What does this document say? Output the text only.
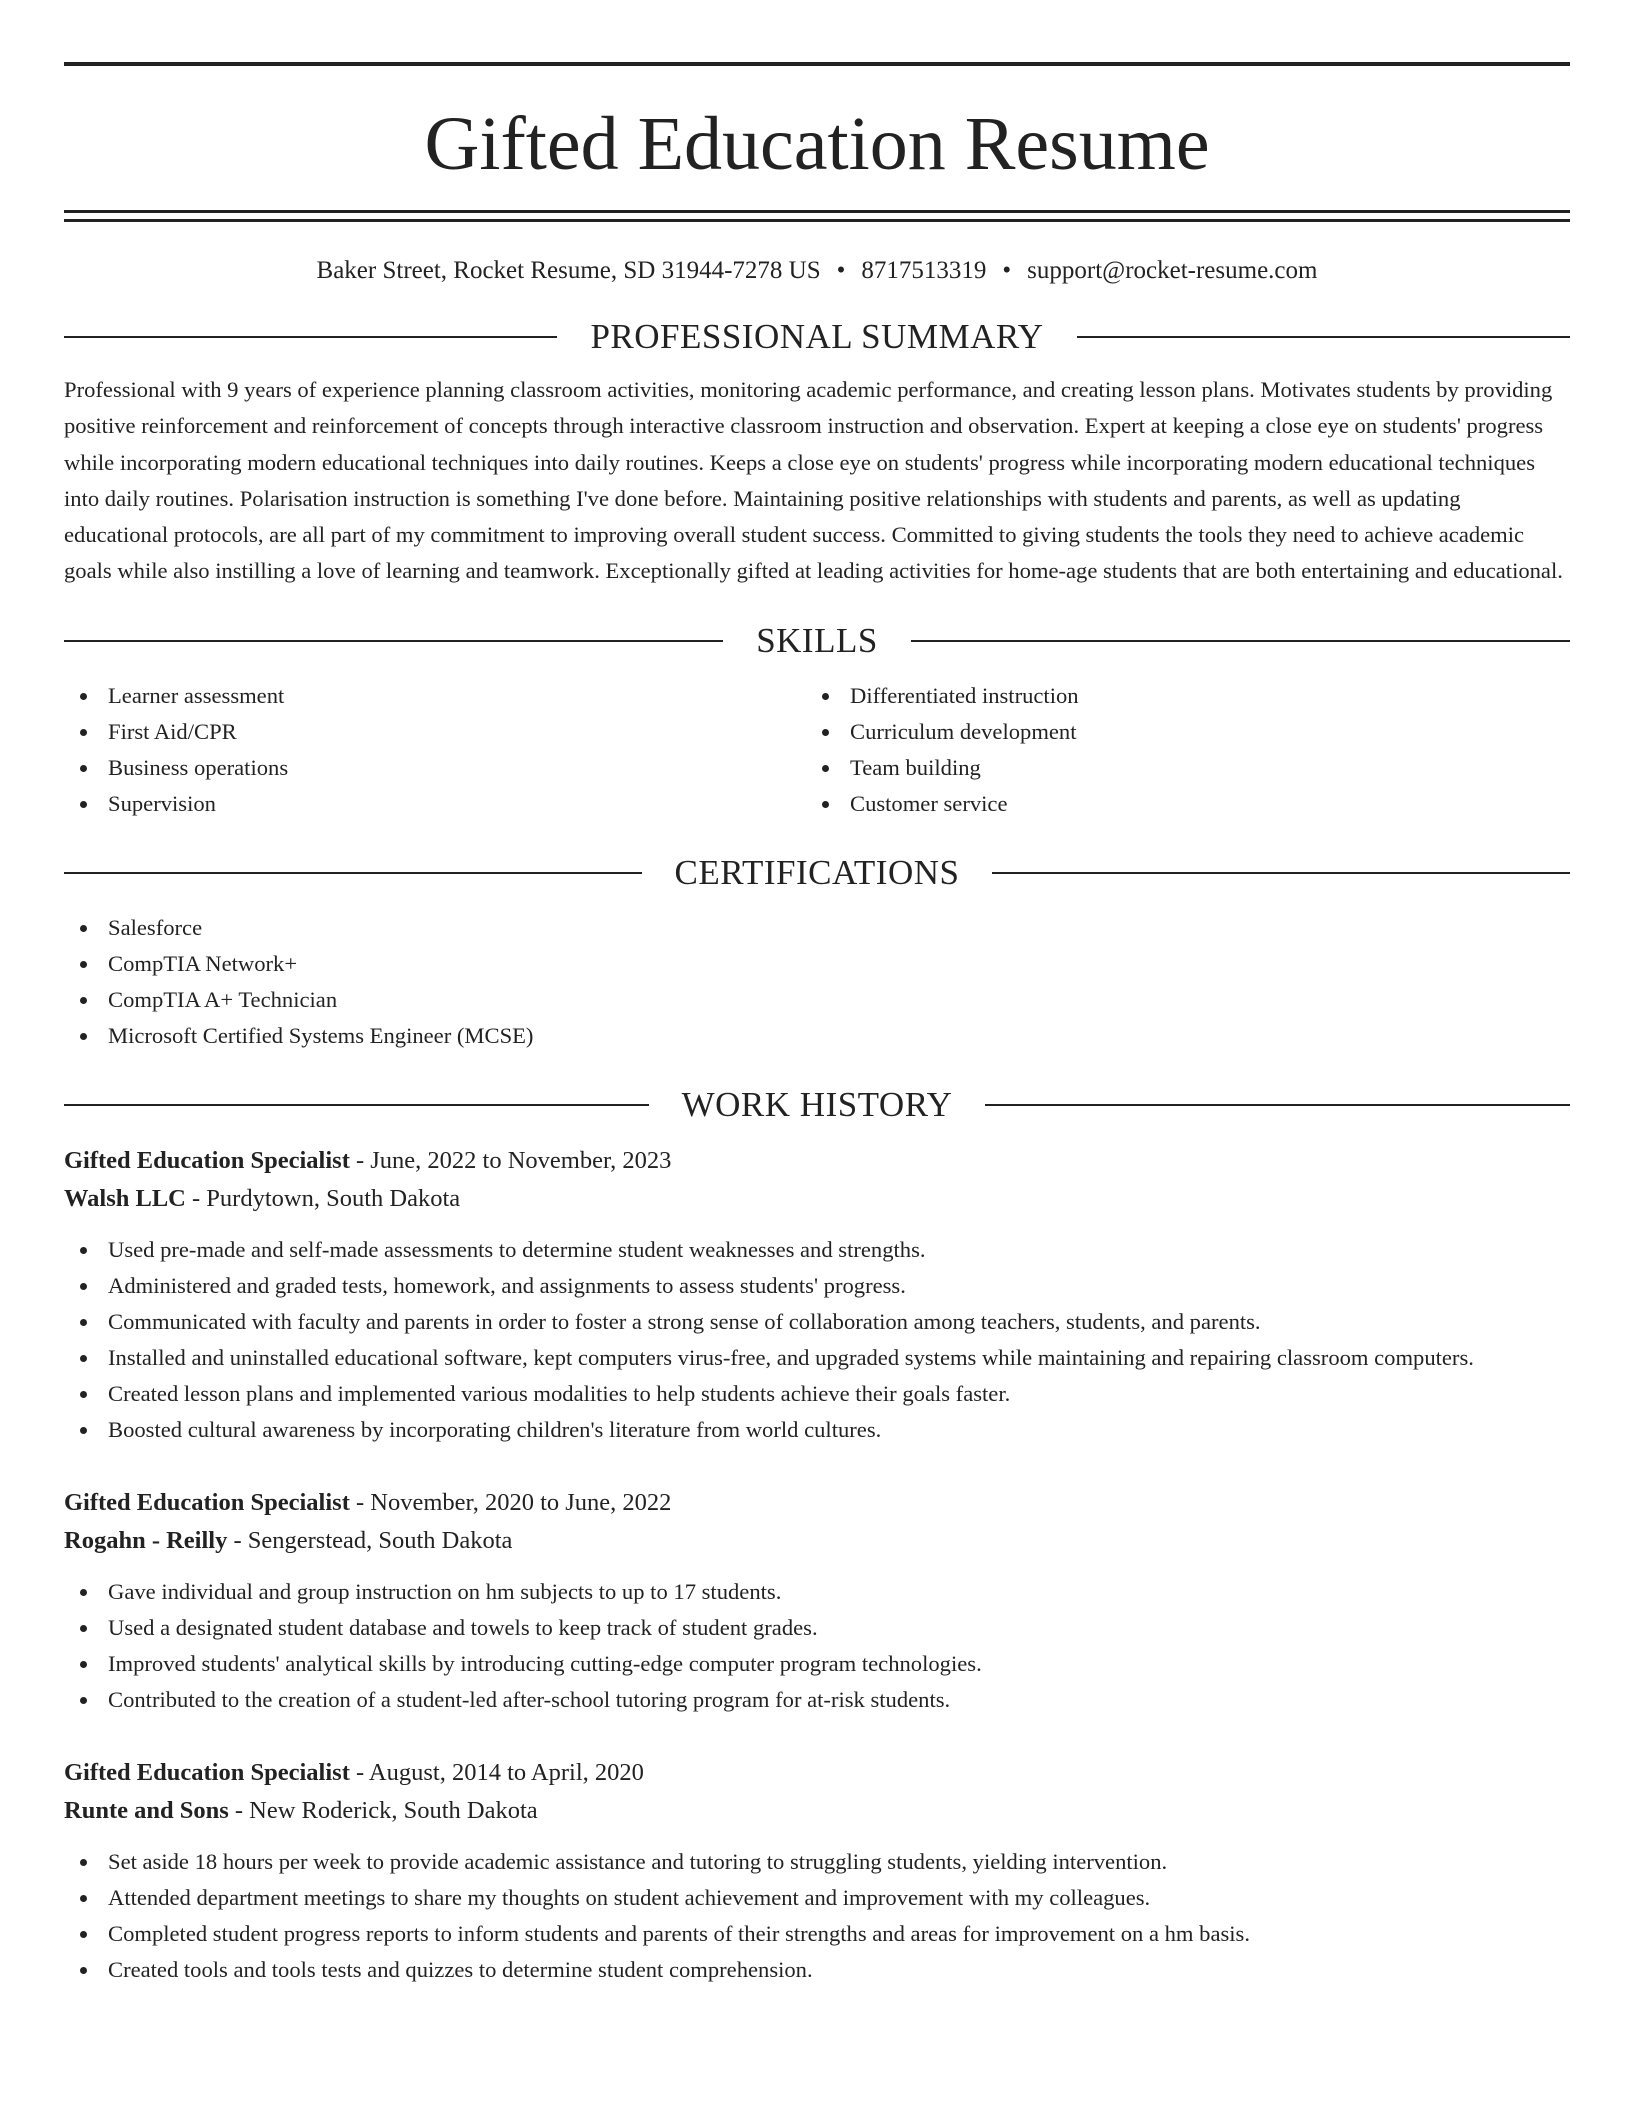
Gifted Education Resume
Baker Street, Rocket Resume, SD 31944-7278 US • 8717513319 • support@rocket-resume.com
PROFESSIONAL SUMMARY
Professional with 9 years of experience planning classroom activities, monitoring academic performance, and creating lesson plans. Motivates students by providing positive reinforcement and reinforcement of concepts through interactive classroom instruction and observation. Expert at keeping a close eye on students' progress while incorporating modern educational techniques into daily routines. Keeps a close eye on students' progress while incorporating modern educational techniques into daily routines. Polarisation instruction is something I've done before. Maintaining positive relationships with students and parents, as well as updating educational protocols, are all part of my commitment to improving overall student success. Committed to giving students the tools they need to achieve academic goals while also instilling a love of learning and teamwork. Exceptionally gifted at leading activities for home-age students that are both entertaining and educational.
SKILLS
Learner assessment
First Aid/CPR
Business operations
Supervision
Differentiated instruction
Curriculum development
Team building
Customer service
CERTIFICATIONS
Salesforce
CompTIA Network+
CompTIA A+ Technician
Microsoft Certified Systems Engineer (MCSE)
WORK HISTORY
Gifted Education Specialist - June, 2022 to November, 2023
Walsh LLC - Purdytown, South Dakota
Used pre-made and self-made assessments to determine student weaknesses and strengths.
Administered and graded tests, homework, and assignments to assess students' progress.
Communicated with faculty and parents in order to foster a strong sense of collaboration among teachers, students, and parents.
Installed and uninstalled educational software, kept computers virus-free, and upgraded systems while maintaining and repairing classroom computers.
Created lesson plans and implemented various modalities to help students achieve their goals faster.
Boosted cultural awareness by incorporating children's literature from world cultures.
Gifted Education Specialist - November, 2020 to June, 2022
Rogahn - Reilly - Sengerstead, South Dakota
Gave individual and group instruction on hm subjects to up to 17 students.
Used a designated student database and towels to keep track of student grades.
Improved students' analytical skills by introducing cutting-edge computer program technologies.
Contributed to the creation of a student-led after-school tutoring program for at-risk students.
Gifted Education Specialist - August, 2014 to April, 2020
Runte and Sons - New Roderick, South Dakota
Set aside 18 hours per week to provide academic assistance and tutoring to struggling students, yielding intervention.
Attended department meetings to share my thoughts on student achievement and improvement with my colleagues.
Completed student progress reports to inform students and parents of their strengths and areas for improvement on a hm basis.
Created tools and tools tests and quizzes to determine student comprehension.
